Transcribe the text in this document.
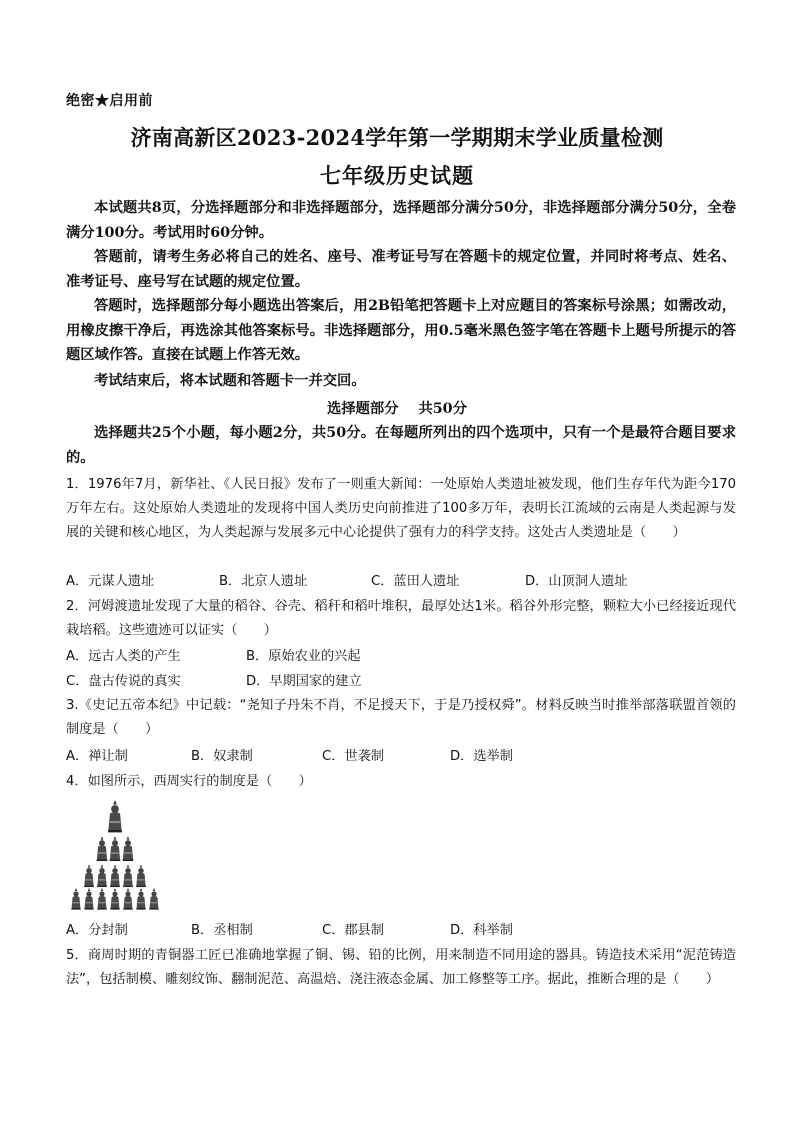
绝密★启用前
济南高新区2023-2024学年第一学期期末学业质量检测
七年级历史试题

本试题共8页，分选择题部分和非选择题部分，选择题部分满分50分，非选择题部分满分50分，全卷满分100分。考试用时60分钟。

答题前，请考生务必将自己的姓名、座号、准考证号写在答题卡的规定位置，并同时将考点、姓名、准考证号、座号写在试题的规定位置。

答题时，选择题部分每小题选出答案后，用2B铅笔把答题卡上对应题目的答案标号涂黑；如需改动，用橡皮擦干净后，再选涂其他答案标号。非选择题部分，用0.5毫米黑色签字笔在答题卡上题号所提示的答题区域作答。直接在试题上作答无效。

考试结束后，将本试题和答题卡一并交回。

选择题部分    共50分

选择题共25个小题，每小题2分，共50分。在每题所列出的四个选项中，只有一个是最符合题目要求的。

1．1976年7月，新华社、《人民日报》发布了一则重大新闻：一处原始人类遗址被发现，他们生存年代为距今170万年左右。这处原始人类遗址的发现将中国人类历史向前推进了100多万年，表明长江流域的云南是人类起源与发展的关键和核心地区，为人类起源与发展多元中心论提供了强有力的科学支持。这处古人类遗址是（　　）

A．元谋人遗址	B．北京人遗址	C．蓝田人遗址	D．山顶洞人遗址

2．河姆渡遗址发现了大量的稻谷、谷壳、稻秆和稻叶堆积，最厚处达1米。稻谷外形完整，颗粒大小已经接近现代栽培稻。这些遗迹可以证实（　　）

A．远古人类的产生	B．原始农业的兴起
C．盘古传说的真实	D．早期国家的建立

3.《史记五帝本纪》中记载：“尧知子丹朱不肖，不足授天下，于是乃授权舜”。材料反映当时推举部落联盟首领的制度是（　　）

A．禅让制	B．奴隶制	C．世袭制	D．选举制

4．如图所示，西周实行的制度是（　　）

A．分封制	B．丞相制	C．郡县制	D．科举制

5．商周时期的青铜器工匠已准确地掌握了铜、锡、铅的比例，用来制造不同用途的器具。铸造技术采用“泥范铸造法”，包括制模、雕刻纹饰、翻制泥范、高温焙、浇注液态金属、加工修整等工序。据此，推断合理的是（　　）
